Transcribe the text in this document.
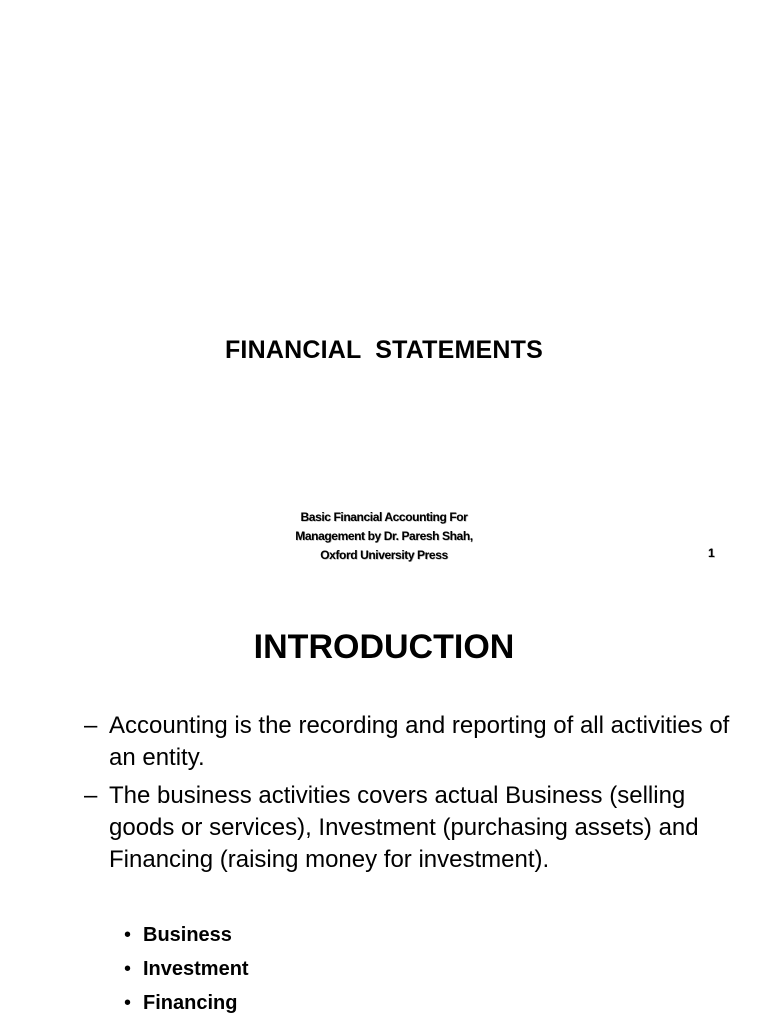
FINANCIAL  STATEMENTS
Basic Financial Accounting For
Management by Dr. Paresh Shah,
Oxford University Press	1
INTRODUCTION
– Accounting is the recording and reporting of all activities of an entity.
– The business activities covers actual Business (selling goods or services), Investment (purchasing assets) and Financing (raising money for investment).
• Business
• Investment
• Financing
